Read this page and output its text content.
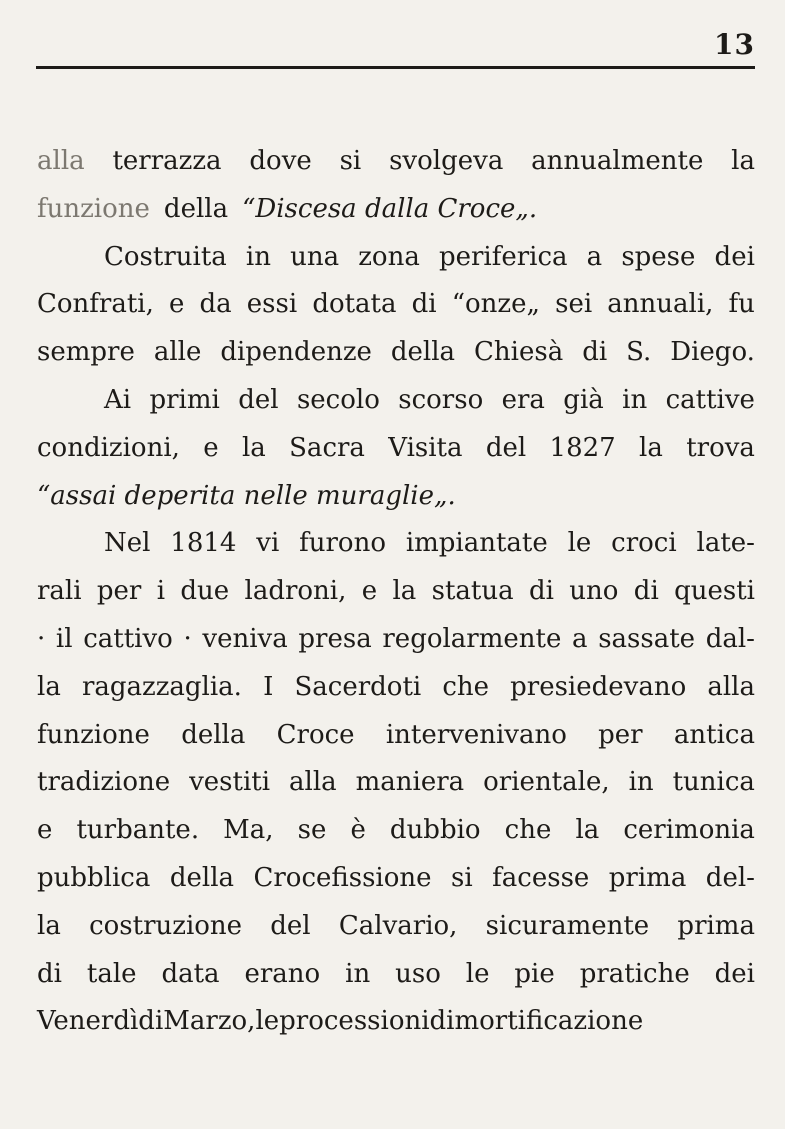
13
alla terrazza dove si svolgeva annualmente la
funzione della “Discesa dalla Croce„.
Costruita in una zona periferica a spese dei
Confrati, e da essi dotata di “onze„ sei annuali, fu
sempre alle dipendenze della Chiesà di S. Diego.
Ai primi del secolo scorso era già in cattive
condizioni, e la Sacra Visita del 1827 la trova
“assai deperita nelle muraglie„.
Nel 1814 vi furono impiantate le croci late-
rali per i due ladroni, e la statua di uno di questi
· il cattivo · veniva presa regolarmente a sassate dal-
la ragazzaglia. I Sacerdoti che presiedevano alla
funzione della Croce intervenivano per antica
tradizione vestiti alla maniera orientale, in tunica
e turbante. Ma, se è dubbio che la cerimonia
pubblica della Crocefissione si facesse prima del-
la costruzione del Calvario, sicuramente prima
di tale data erano in uso le pie pratiche dei
Venerdì di Marzo, le processioni di mortificazione
